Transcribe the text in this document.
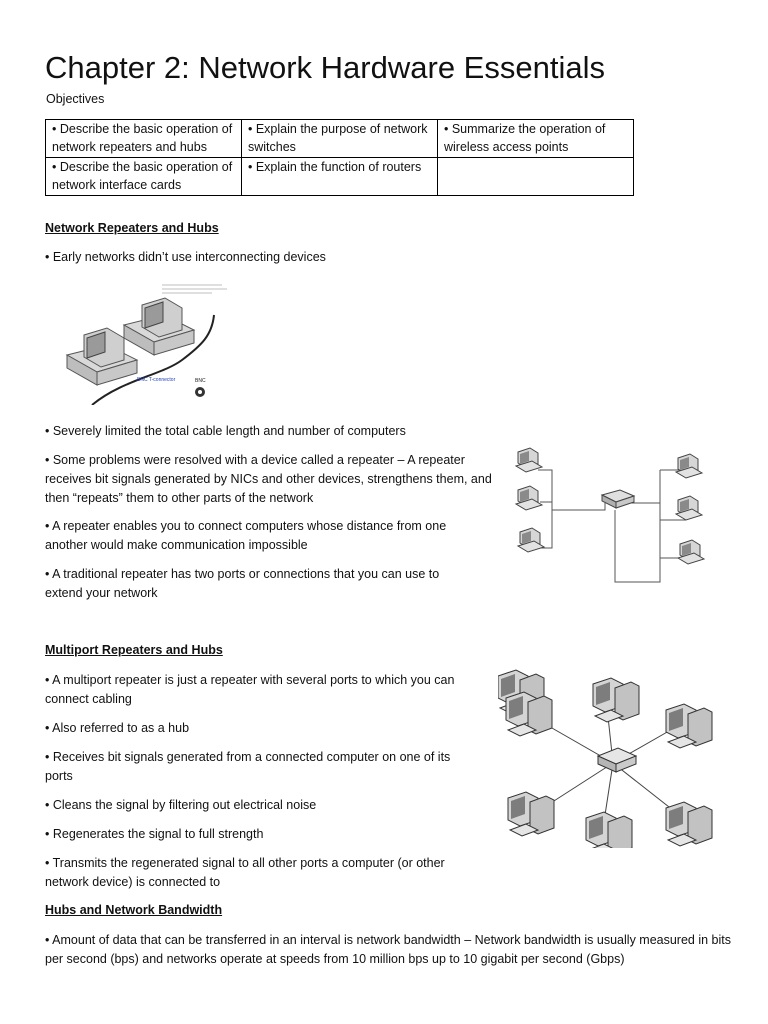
Chapter 2: Network Hardware Essentials
Objectives
• Describe the basic operation of network repeaters and hubs	• Explain the purpose of network switches	• Summarize the operation of wireless access points
• Describe the basic operation of network interface cards	• Explain the function of routers	
Network Repeaters and Hubs
• Early networks didn’t use interconnecting devices
BNC T-connector	BNC
• Severely limited the total cable length and number of computers
• Some problems were resolved with a device called a repeater – A repeater receives bit signals generated by NICs and other devices, strengthens them, and then “repeats” them to other parts of the network
• A repeater enables you to connect computers whose distance from one another would make communication impossible
• A traditional repeater has two ports or connections that you can use to extend your network
Multiport Repeaters and Hubs
• A multiport repeater is just a repeater with several ports to which you can connect cabling
• Also referred to as a hub
• Receives bit signals generated from a connected computer on one of its ports
• Cleans the signal by filtering out electrical noise
• Regenerates the signal to full strength
• Transmits the regenerated signal to all other ports a computer (or other network device) is connected to
Hubs and Network Bandwidth
• Amount of data that can be transferred in an interval is network bandwidth – Network bandwidth is usually measured in bits per second (bps) and networks operate at speeds from 10 million bps up to 10 gigabit per second (Gbps)
